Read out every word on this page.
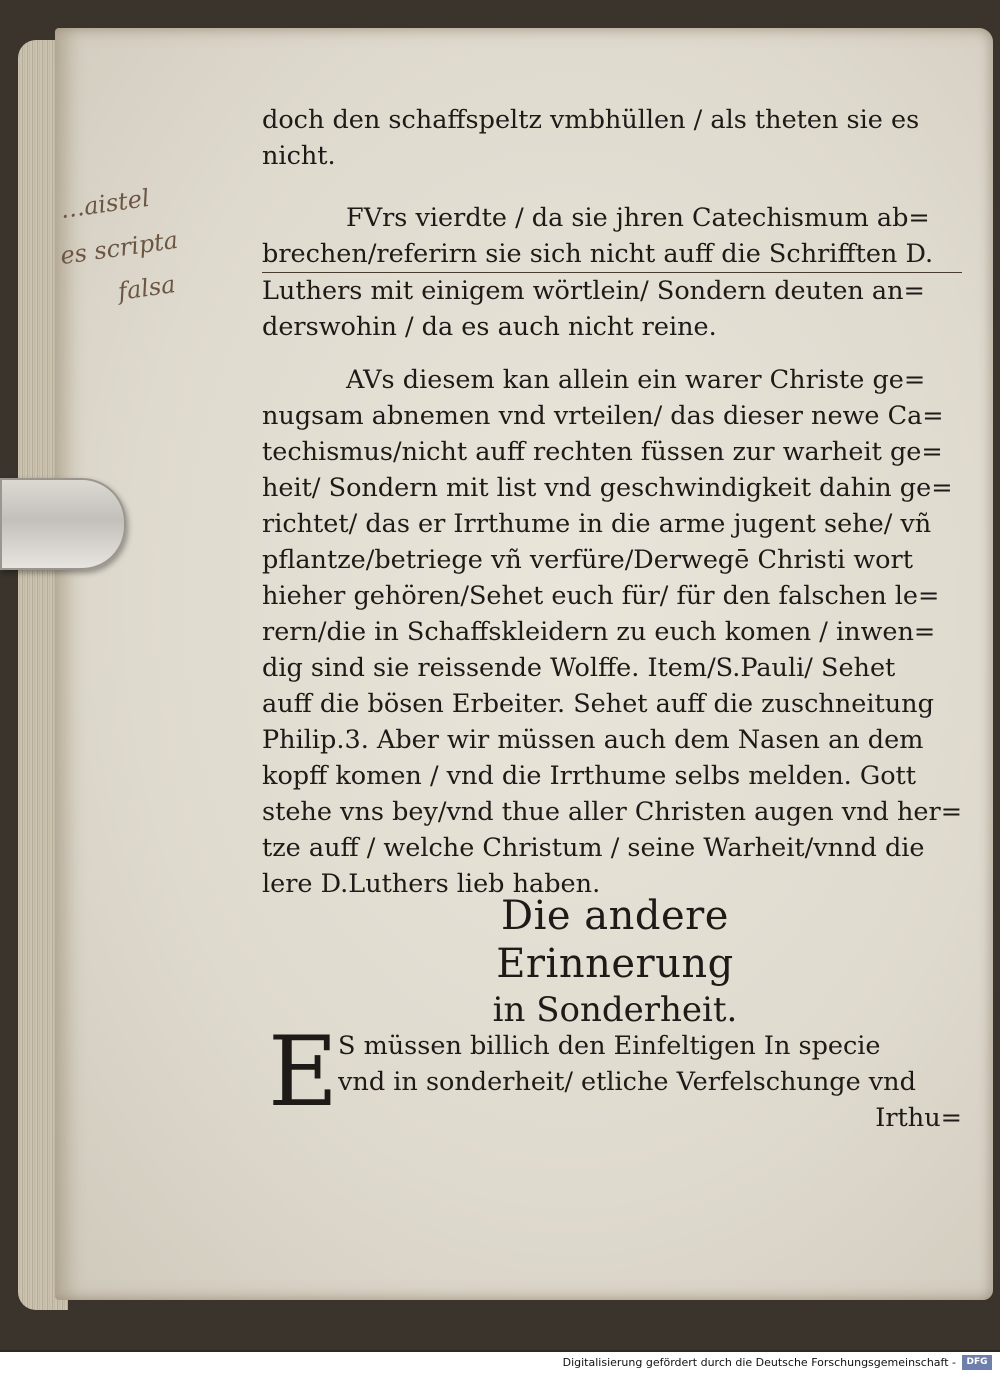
…aistel
es scripta
falsa
doch den schaffspeltz vmbhüllen / als theten sie es
nicht.
FVrs vierdte / da sie jhren Catechismum ab=
brechen/referirn sie sich nicht auff die Schrifften D.
Luthers mit einigem wörtlein/ Sondern deuten an=
derswohin / da es auch nicht reine.
AVs diesem kan allein ein warer Christe ge=
nugsam abnemen vnd vrteilen/ das dieser newe Ca=
techismus/nicht auff rechten füssen zur warheit ge=
heit/ Sondern mit list vnd geschwindigkeit dahin ge=
richtet/ das er Irrthume in die arme jugent sehe/ vñ
pflantze/betriege vñ verfüre/Derwegē Christi wort
hieher gehören/Sehet euch für/ für den falschen le=
rern/die in Schaffskleidern zu euch komen / inwen=
dig sind sie reissende Wolffe. Item/S.Pauli/ Sehet
auff die bösen Erbeiter. Sehet auff die zuschneitung
Philip.3. Aber wir müssen auch dem Nasen an dem
kopff komen / vnd die Irrthume selbs melden. Gott
stehe vns bey/vnd thue aller Christen augen vnd her=
tze auff / welche Christum / seine Warheit/vnnd die
lere D.Luthers lieb haben.
Die andere Erinnerung
in Sonderheit.
E S müssen billich den Einfeltigen In specie
vnd in sonderheit/ etliche Verfelschunge vnd
Irthu=
Digitalisierung gefördert durch die Deutsche Forschungsgemeinschaft -	DFG
